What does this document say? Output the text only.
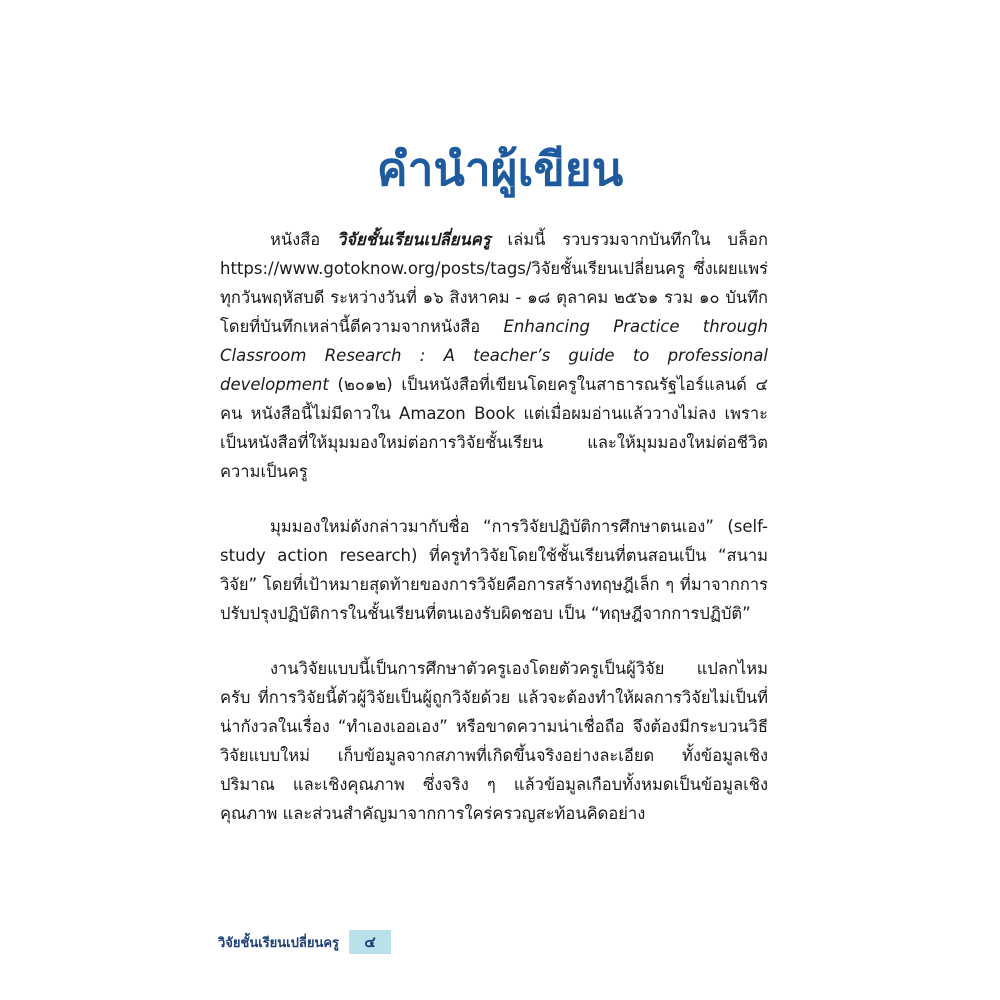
คำนำผู้เขียน

หนังสือ วิจัยชั้นเรียนเปลี่ยนครู เล่มนี้ รวบรวมจากบันทึกใน บล็อก https://www.gotoknow.org/posts/tags/วิจัยชั้นเรียนเปลี่ยนครู ซึ่งเผยแพร่ทุกวันพฤหัสบดี ระหว่างวันที่ ๑๖ สิงหาคม - ๑๘ ตุลาคม ๒๕๖๑ รวม ๑๐ บันทึก โดยที่บันทึกเหล่านี้ตีความจากหนังสือ Enhancing Practice through Classroom Research : A teacher’s guide to professional development (๒๐๑๒) เป็นหนังสือที่เขียนโดยครูในสาธารณรัฐไอร์แลนด์ ๔ คน หนังสือนี้ไม่มีดาวใน Amazon Book แต่เมื่อผมอ่านแล้ววางไม่ลง เพราะเป็นหนังสือที่ให้มุมมองใหม่ต่อการวิจัยชั้นเรียน และให้มุมมองใหม่ต่อชีวิตความเป็นครู

มุมมองใหม่ดังกล่าวมากับชื่อ “การวิจัยปฏิบัติการศึกษาตนเอง” (self-study action research) ที่ครูทำวิจัยโดยใช้ชั้นเรียนที่ตนสอนเป็น “สนามวิจัย” โดยที่เป้าหมายสุดท้ายของการวิจัยคือการสร้างทฤษฎีเล็ก ๆ ที่มาจากการปรับปรุงปฏิบัติการในชั้นเรียนที่ตนเองรับผิดชอบ เป็น “ทฤษฎีจากการปฏิบัติ”

งานวิจัยแบบนี้เป็นการศึกษาตัวครูเองโดยตัวครูเป็นผู้วิจัย แปลกไหมครับ ที่การวิจัยนี้ตัวผู้วิจัยเป็นผู้ถูกวิจัยด้วย แล้วจะต้องทำให้ผลการวิจัยไม่เป็นที่น่ากังวลในเรื่อง “ทำเองเออเอง” หรือขาดความน่าเชื่อถือ จึงต้องมีกระบวนวิธีวิจัยแบบใหม่ เก็บข้อมูลจากสภาพที่เกิดขึ้นจริงอย่างละเอียด ทั้งข้อมูลเชิงปริมาณ และเชิงคุณภาพ ซึ่งจริง ๆ แล้วข้อมูลเกือบทั้งหมดเป็นข้อมูลเชิงคุณภาพ และส่วนสำคัญมาจากการใคร่ครวญสะท้อนคิดอย่าง

วิจัยชั้นเรียนเปลี่ยนครู	๔
